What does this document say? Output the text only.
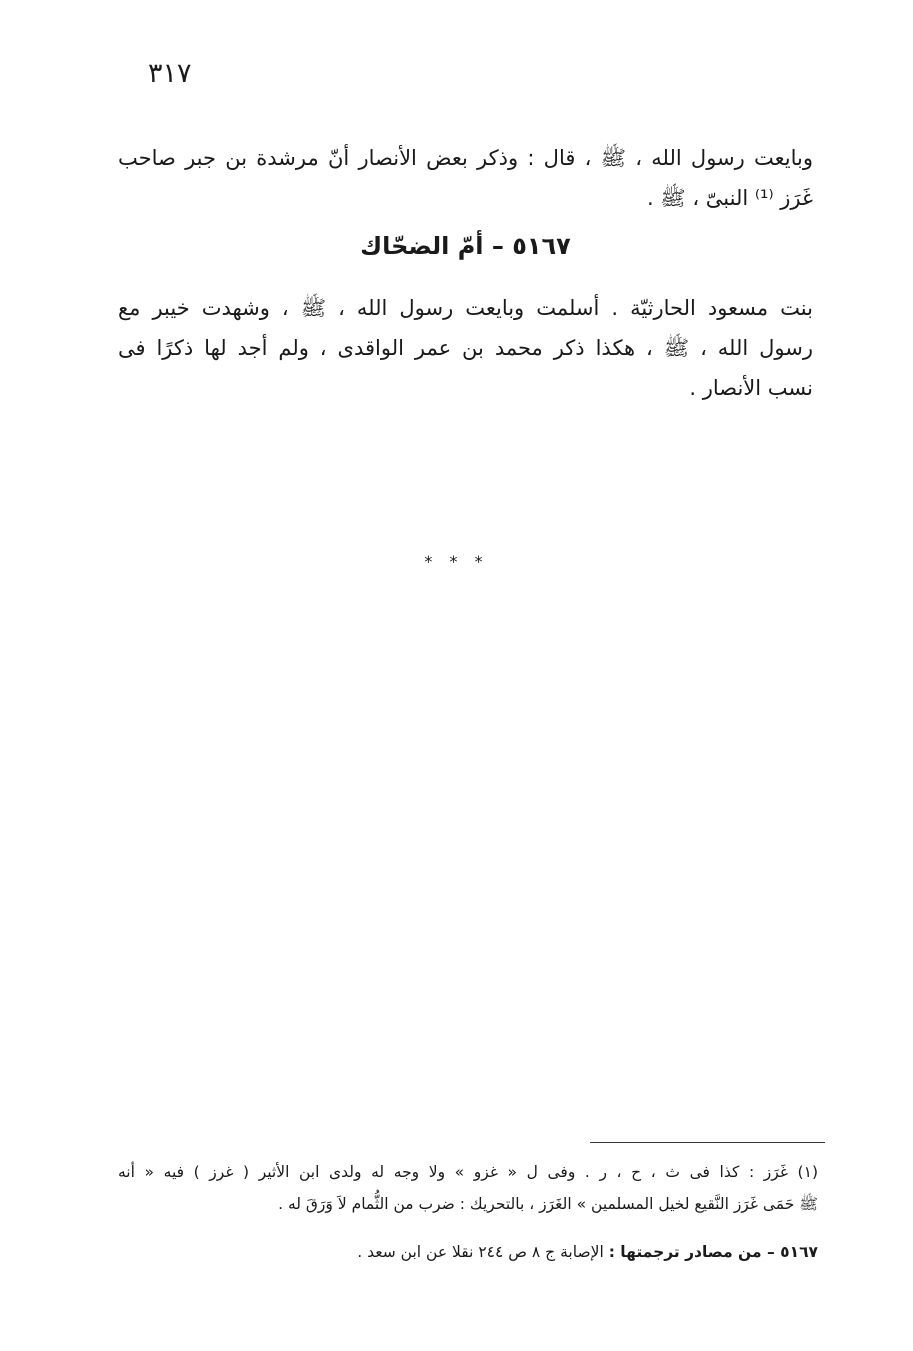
٣١٧
وبايعت رسول الله ، ﷺ ، قال : وذكر بعض الأنصار أنّ مرشدة بن جبر صاحب
غَرَز ⁽¹⁾ النبىّ ، ﷺ .
٥١٦٧ – أمّ الضحّاك
بنت مسعود الحارثيّة . أسلمت وبايعت رسول الله ، ﷺ ، وشهدت خيبر مع
رسول الله ، ﷺ ، هكذا ذكر محمد بن عمر الواقدى ، ولم أجد لها ذكرًا فى
نسب الأنصار .
* * *
(١) غَرَز : كذا فى ث ، ح ، ر . وفى ل « غزو » ولا وجه له ولدى ابن الأثير ( غرز ) فيه « أنه
ﷺ حَمَى غَرَز النَّقيع لخيل المسلمين » الغَرَز ، بالتحريك : ضرب من الثُّمام لاَ وَرَقَ له .
٥١٦٧ – من مصادر ترجمتها : الإصابة ج ٨ ص ٢٤٤ نقلا عن ابن سعد .
